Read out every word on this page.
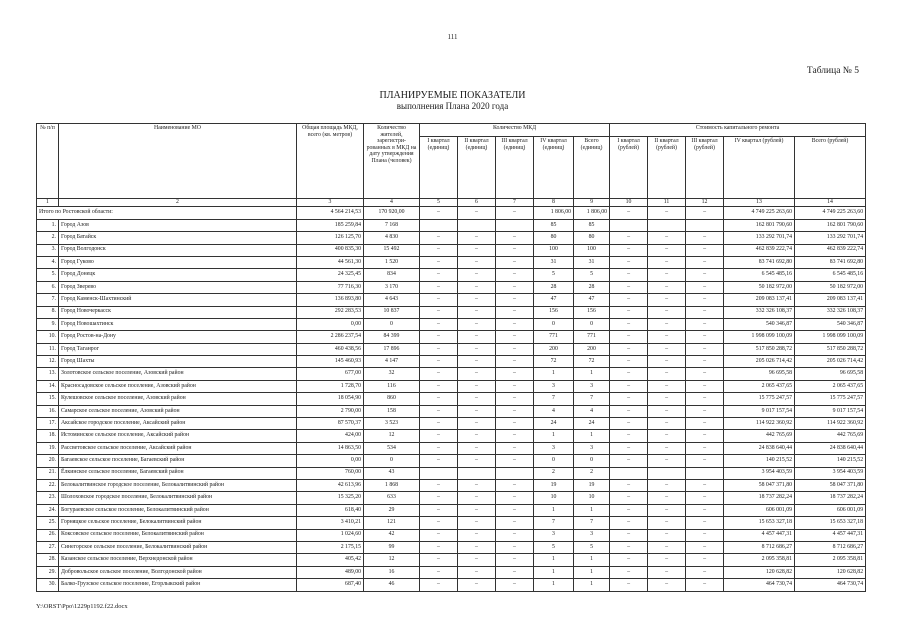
111
Таблица № 5
ПЛАНИРУЕМЫЕ ПОКАЗАТЕЛИ
выполнения Плана 2020 года
№ п/п	Наименование МО	Общая площадь МКД, всего (кв. метров)	Количество жителей, зарегистри-рованных в МКД на дату утверждения Плана (человек)	Количество МКД					Стоимость капитального ремонта				
				I квартал (единиц)	II квартал (единиц)	III квартал (единиц)	IV квартал (единиц)	Всего (единиц)	I квартал (рублей)	II квартал (рублей)	III квартал (рублей)	IV квартал (рублей)	Всего (рублей)
1	2	3	4	5	6	7	8	9	10	11	12	13	14
Итого по Ростовской области:		4 564 214,53	170 920,00	–	–	–	1 806,00	1 806,00	–	–	–	4 749 225 263,60	4 749 225 263,60
1.	Город Азов	185 259,84	7 168				85	85				162 801 790,60	162 801 790,60
2.	Город Батайск	126 125,70	4 830	–	–	–	80	80	–	–	–	133 292 701,74	133 292 701,74
3.	Город Волгодонск	400 835,30	15 492	–	–	–	100	100	–	–	–	462 839 222,74	462 839 222,74
4.	Город Гуково	44 561,30	1 520	–	–	–	31	31	–	–	–	83 741 692,80	83 741 692,80
5.	Город Донецк	24 325,45	834	–	–	–	5	5	–	–	–	6 545 485,16	6 545 485,16
6.	Город Зверево	77 716,30	3 170	–	–	–	28	28	–	–	–	50 182 972,00	50 182 972,00
7.	Город Каменск-Шахтинский	136 893,80	4 643	–	–	–	47	47	–	–	–	209 083 137,41	209 083 137,41
8.	Город Новочеркасск	292 283,53	10 837	–	–	–	156	156	–	–	–	332 326 108,37	332 326 108,37
9.	Город Новошахтинск	0,00	0	–	–	–	0	0	–	–	–	540 346,87	540 346,87
10.	Город Ростов-на-Дону	2 286 237,54	84 399	–	–	–	771	771	–	–	–	1 998 099 100,09	1 998 099 100,09
11.	Город Таганрог	460 438,56	17 896	–	–	–	200	200	–	–	–	517 850 288,72	517 850 288,72
12.	Город Шахты	145 460,93	4 147	–	–	–	72	72	–	–	–	205 026 714,42	205 026 714,42
13.	Золотовское сельское поселение, Азовский район	677,00	32	–	–	–	1	1	–	–	–	96 695,58	96 695,58
14.	Красносадовское сельское поселение, Азовский район	1 728,70	116	–	–	–	3	3	–	–	–	2 065 437,65	2 065 437,65
15.	Кулешовское сельское поселение, Азовский район	18 054,90	860	–	–	–	7	7	–	–	–	15 775 247,57	15 775 247,57
16.	Самарское сельское поселение, Азовский район	2 790,00	158	–	–	–	4	4	–	–	–	9 017 157,54	9 017 157,54
17.	Аксайское городское поселение, Аксайский район	87 570,37	3 523	–	–	–	24	24	–	–	–	114 922 360,92	114 922 360,92
18.	Истоминское сельское поселение, Аксайский район	424,00	12	–	–	–	1	1	–	–	–	442 765,69	442 765,69
19.	Рассветовское сельское поселение, Аксайский район	14 863,50	534	–	–	–	3	3	–	–	–	24 838 640,44	24 838 640,44
20.	Багаевское сельское поселение, Багаевский район	0,00	0	–	–	–	0	0	–	–	–	140 215,52	140 215,52
21.	Ёлкинское сельское поселение, Багаевский район	760,00	43				2	2				3 954 403,59	3 954 403,59
22.	Белокалитвинское городское поселение, Белокалитвинский район	42 613,96	1 868	–	–	–	19	19	–	–	–	58 047 371,80	58 047 371,80
23.	Шолоховское городское поселение, Белокалитвинский район	15 325,20	633	–	–	–	10	10	–	–	–	18 737 282,24	18 737 282,24
24.	Богураевское сельское поселение, Белокалитвинский район	618,40	29	–	–	–	1	1	–	–	–	606 001,09	606 001,09
25.	Горняцкое сельское поселение, Белокалитвинский район	3 410,21	121	–	–	–	7	7	–	–	–	15 653 327,18	15 653 327,18
26.	Коксовское сельское поселение, Белокалитвинский район	1 024,60	42	–	–	–	3	3	–	–	–	4 457 447,31	4 457 447,31
27.	Синегорское сельское поселение, Белокалитвинский район	2 175,15	99	–	–	–	5	5	–	–	–	8 712 686,27	8 712 686,27
28.	Казанское сельское поселение, Верхнедонской район	405,42	12	–	–	–	1	1	–	–	–	2 095 358,81	2 095 358,81
29.	Добровольское сельское поселение, Волгодонской район	489,00	16	–	–	–	1	1	–	–	–	120 628,82	120 628,82
30.	Балко-Грузское сельское поселение, Егорлыкский район	687,40	46	–	–	–	1	1	–	–	–	464 730,74	464 730,74
Y:\ORST\Ppo\1229p1192.f22.docx
